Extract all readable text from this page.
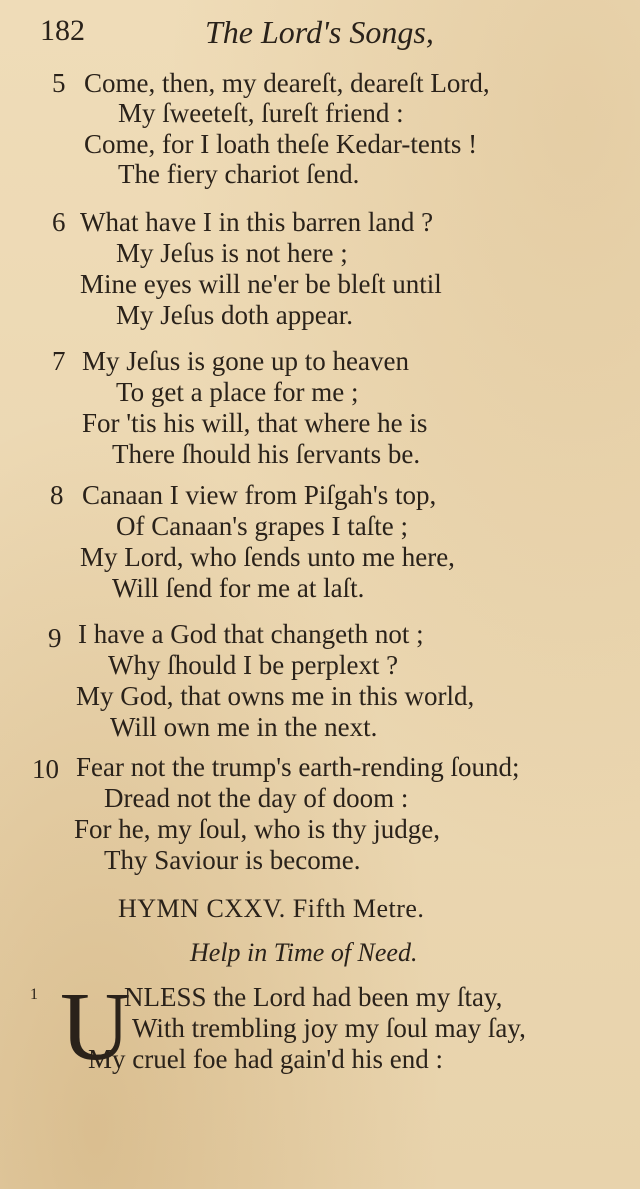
182	The Lord's Songs,
5 Come, then, my deareſt, deareſt Lord,
My ſweeteſt, ſureſt friend :
Come, for I loath theſe Kedar-tents !
The fiery chariot ſend.
6 What have I in this barren land ?
My Jeſus is not here ;
Mine eyes will ne'er be bleſt until
My Jeſus doth appear.
7 My Jeſus is gone up to heaven
To get a place for me ;
For 'tis his will, that where he is
There ſhould his ſervants be.
8 Canaan I view from Piſgah's top,
Of Canaan's grapes I taſte ;
My Lord, who ſends unto me here,
Will ſend for me at laſt.
9 I have a God that changeth not ;
Why ſhould I be perplext ?
My God, that owns me in this world,
Will own me in the next.
10 Fear not the trump's earth-rending ſound;
Dread not the day of doom :
For he, my ſoul, who is thy judge,
Thy Saviour is become.
HYMN CXXV. Fifth Metre.
Help in Time of Need.
1 U
NLESS the Lord had been my ſtay,
With trembling joy my ſoul may ſay,
My cruel foe had gain'd his end :
